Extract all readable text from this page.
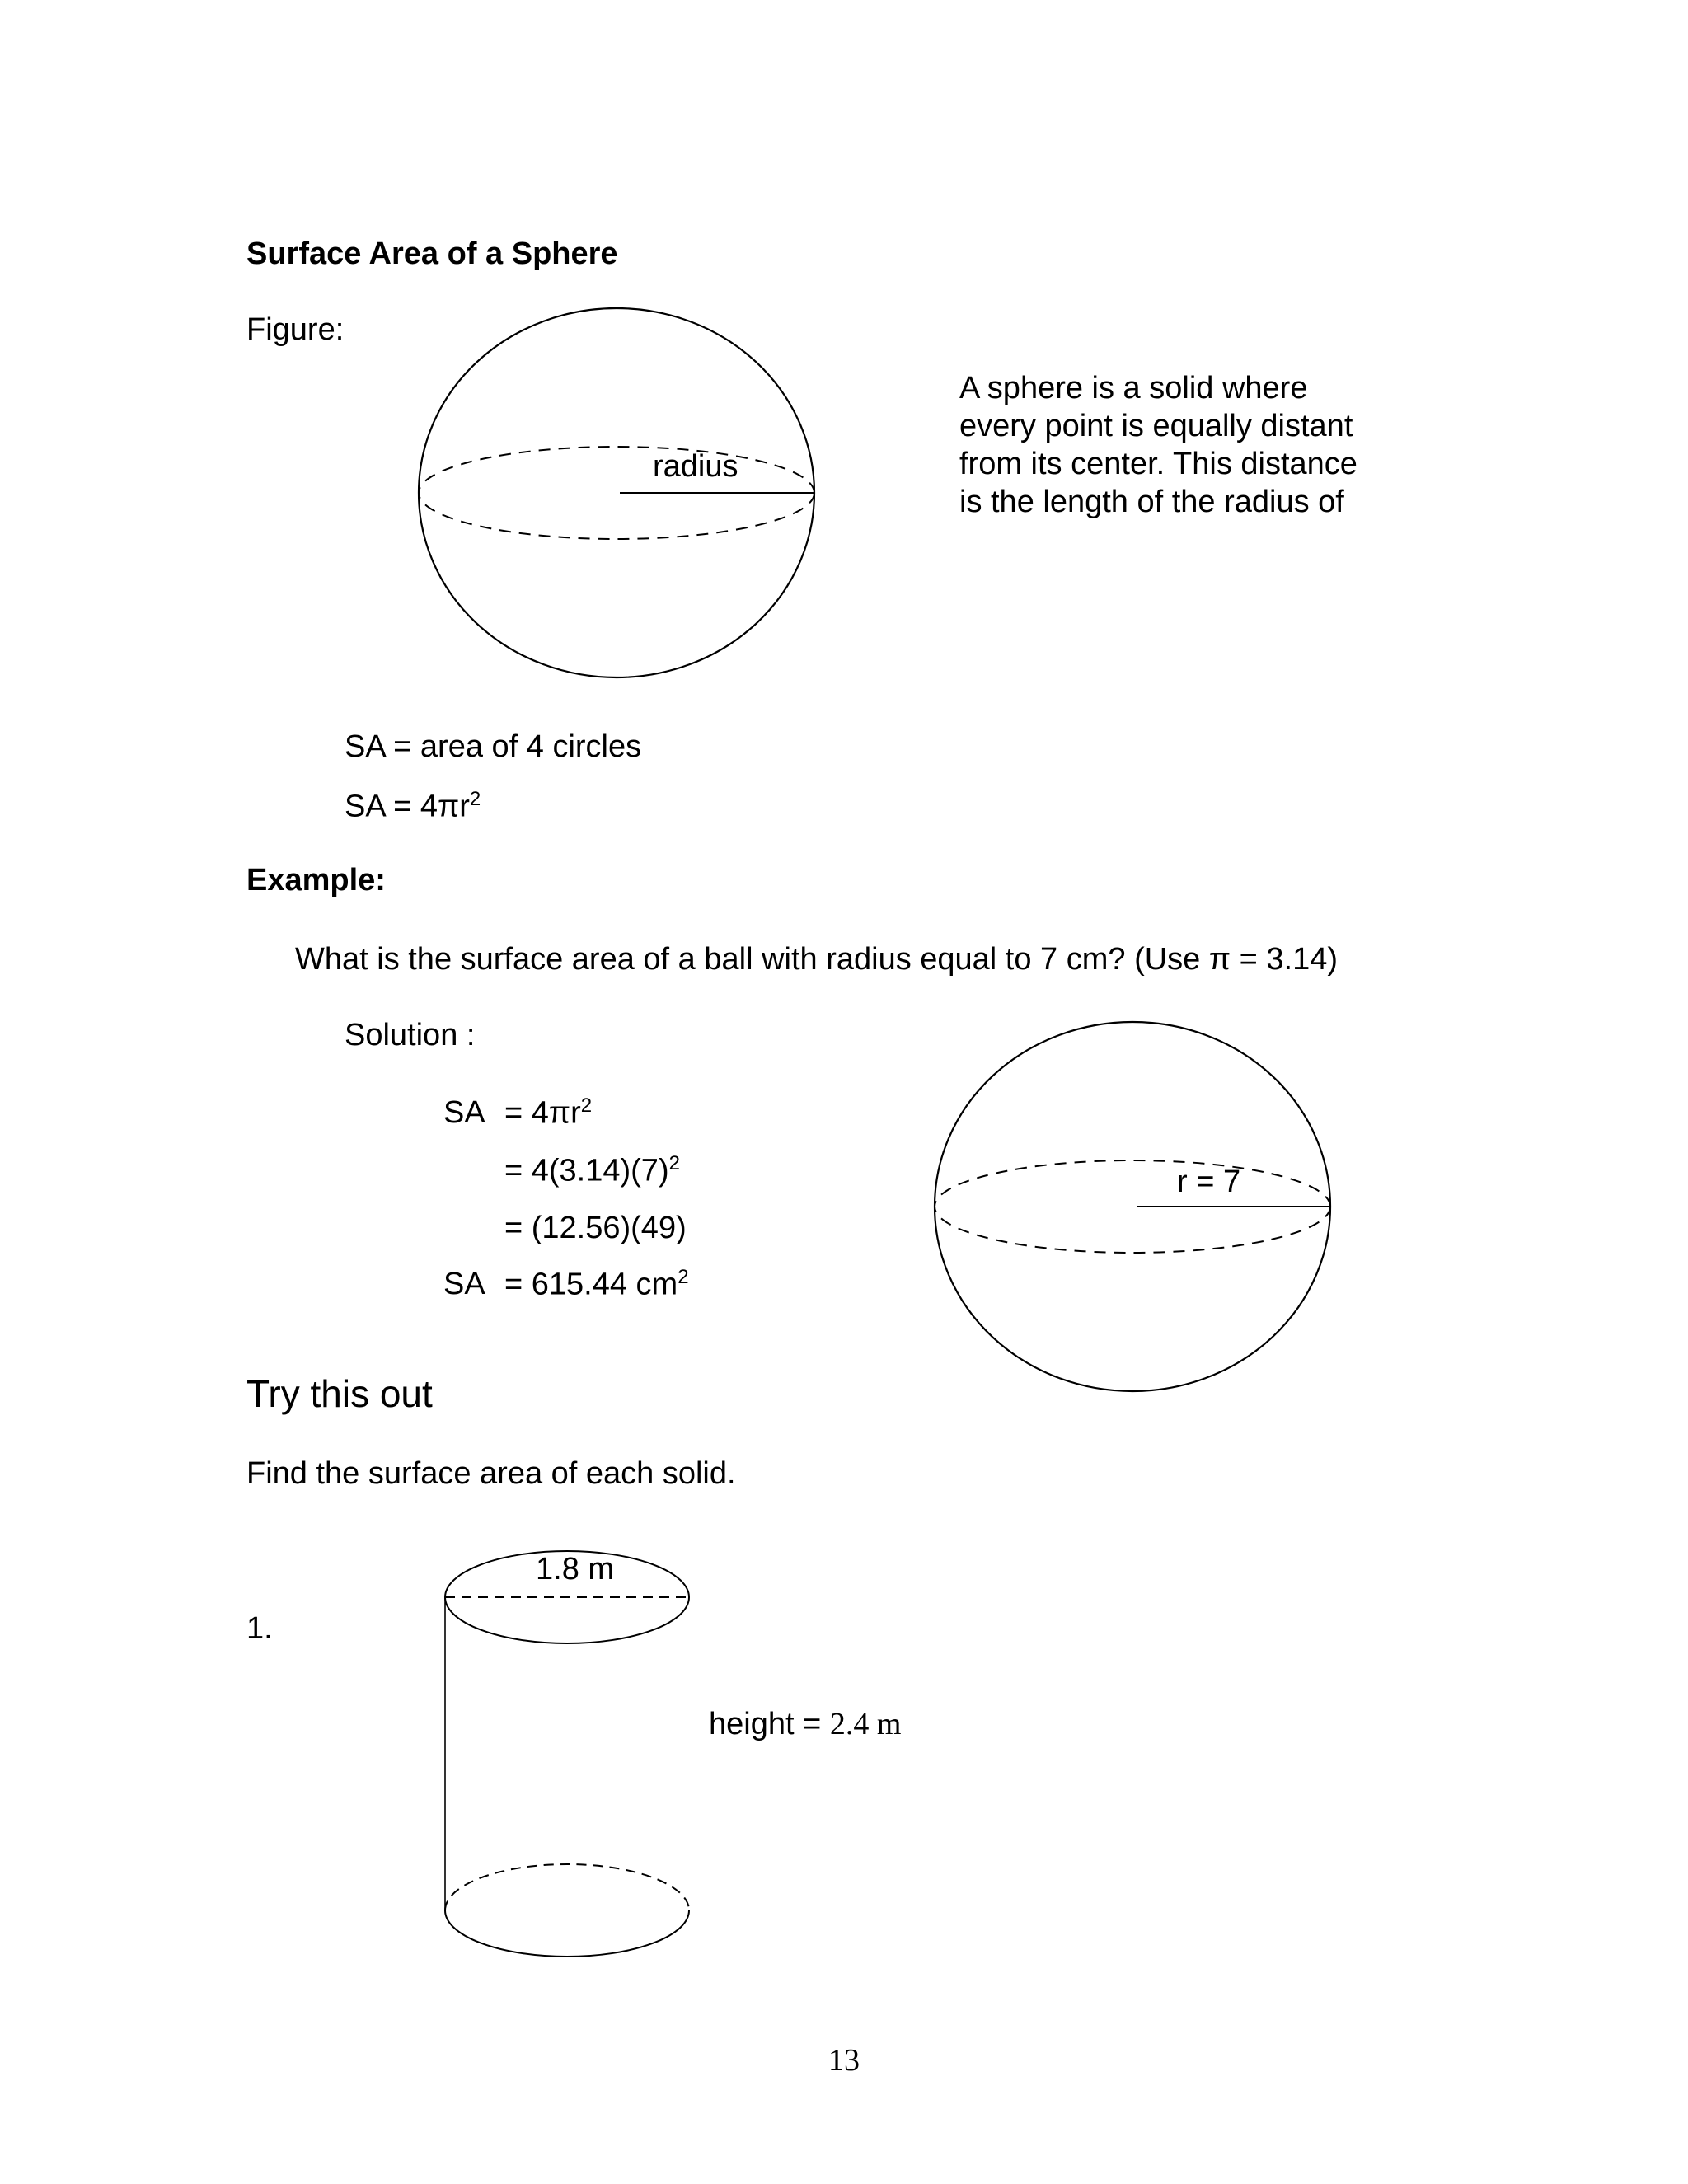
Surface Area of a Sphere
Figure:
radius
A sphere is a solid where
every point is equally distant
from its center. This distance
is the length of the radius of
SA = area of 4 circles
SA = $4\pi r^2$
Example:
What is the surface area of a ball with radius equal to 7 cm? (Use π = 3.14)
Solution :
SA = $4\pi r^2$
= $4(3.14)(7)^2$
= (12.56)(49)
SA = 615.44 $cm^2$
r = 7
Try this out
Find the surface area of each solid.
1.
1.8 m
height = 2.4 m
13
